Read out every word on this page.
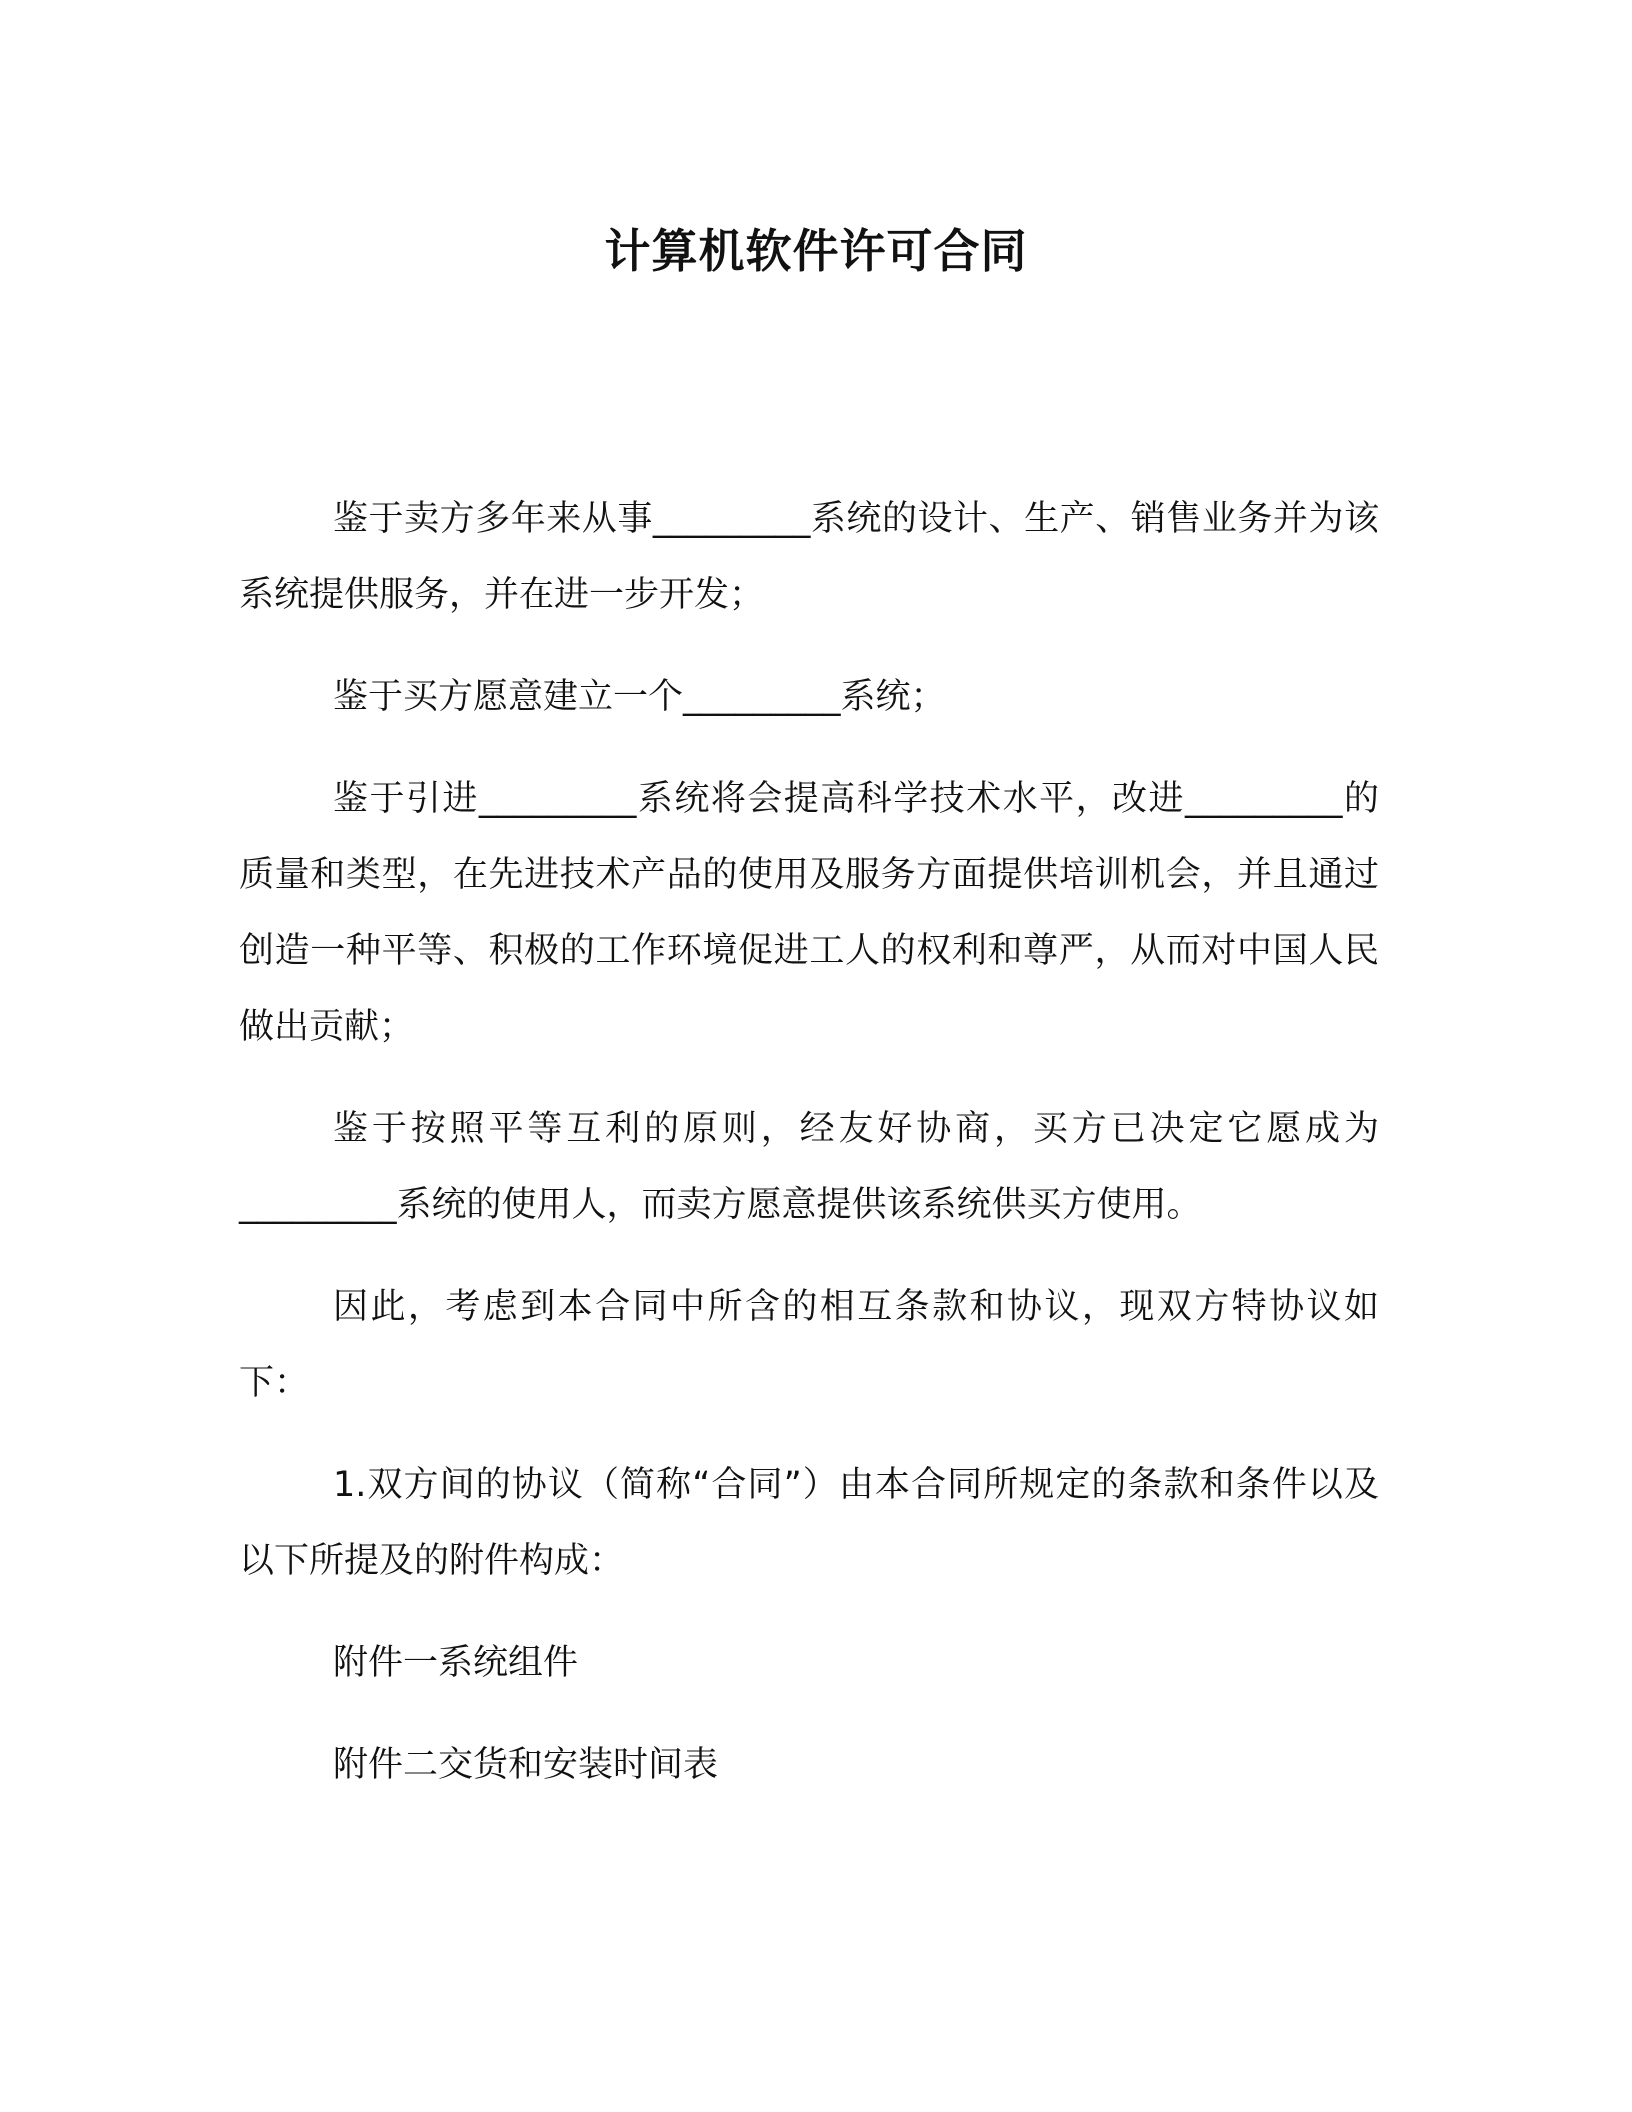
计算机软件许可合同

鉴于卖方多年来从事_________系统的设计、生产、销售业务并为该系统提供服务，并在进一步开发；

鉴于买方愿意建立一个_________系统；

鉴于引进_________系统将会提高科学技术水平，改进_________的质量和类型，在先进技术产品的使用及服务方面提供培训机会，并且通过创造一种平等、积极的工作环境促进工人的权利和尊严，从而对中国人民做出贡献；

鉴于按照平等互利的原则，经友好协商，买方已决定它愿成为_________系统的使用人，而卖方愿意提供该系统供买方使用。

因此，考虑到本合同中所含的相互条款和协议，现双方特协议如下：

1.双方间的协议（简称“合同”）由本合同所规定的条款和条件以及以下所提及的附件构成：

附件一系统组件

附件二交货和安装时间表
